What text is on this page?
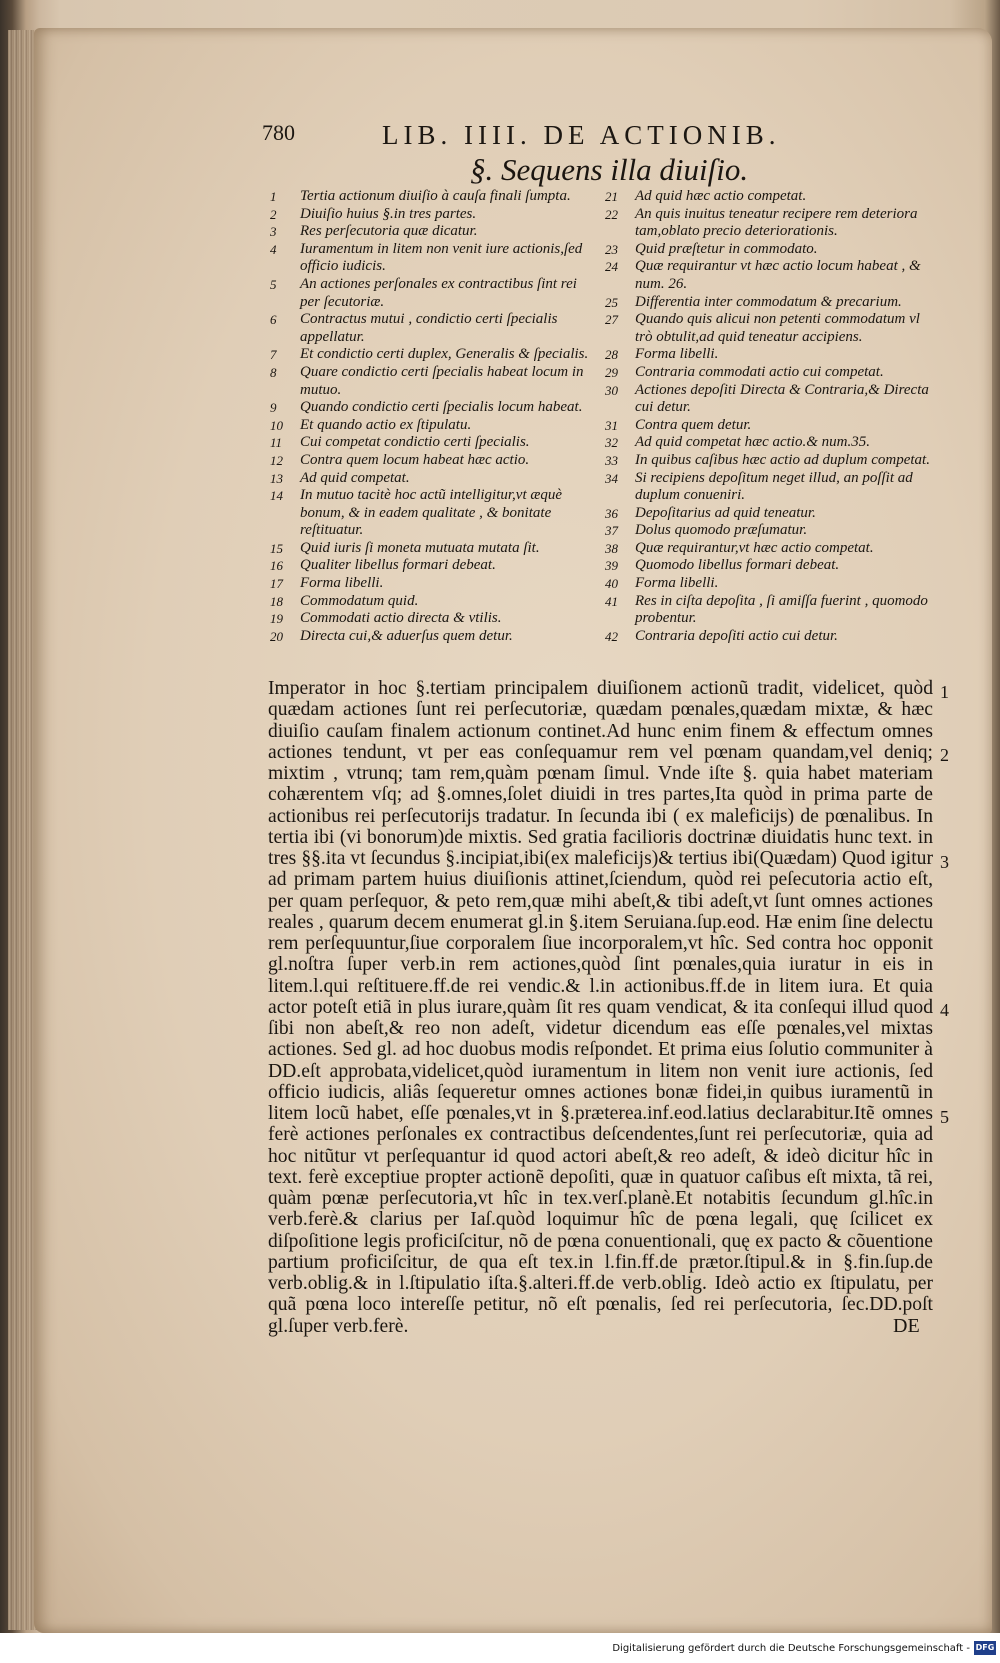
780	LIB. IIII. DE ACTIONIB.
§. Sequens illa diuiſio.
1	Tertia actionum diuiſio à cauſa finali ſumpta.
2	Diuiſio huius §.in tres partes.
3	Res perſecutoria quæ dicatur.
4	Iuramentum in litem non venit iure actionis,ſed officio iudicis.
5	An actiones perſonales ex contractibus ſint rei per ſecutoriæ.
6	Contractus mutui , condictio certi ſpecialis appellatur.
7	Et condictio certi duplex, Generalis & ſpecialis.
8	Quare condictio certi ſpecialis habeat locum in mutuo.
9	Quando condictio certi ſpecialis locum habeat.
10	Et quando actio ex ſtipulatu.
11	Cui competat condictio certi ſpecialis.
12	Contra quem locum habeat hæc actio.
13	Ad quid competat.
14	In mutuo tacitè hoc actũ intelligitur,vt æquè bonum, & in eadem qualitate , & bonitate reſtituatur.
15	Quid iuris ſi moneta mutuata mutata ſit.
16	Qualiter libellus formari debeat.
17	Forma libelli.
18	Commodatum quid.
19	Commodati actio directa & vtilis.
20	Directa cui,& aduerſus quem detur.
21	Ad quid hæc actio competat.
22	An quis inuitus teneatur recipere rem deteriora tam,oblato precio deteriorationis.
23	Quid præſtetur in commodato.
24	Quæ requirantur vt hæc actio locum habeat , & num. 26.
25	Differentia inter commodatum & precarium.
27	Quando quis alicui non petenti commodatum vl trò obtulit,ad quid teneatur accipiens.
28	Forma libelli.
29	Contraria commodati actio cui competat.
30	Actiones depoſiti Directa & Contraria,& Directa cui detur.
31	Contra quem detur.
32	Ad quid competat hæc actio.& num.35.
33	In quibus caſibus hæc actio ad duplum competat.
34	Si recipiens depoſitum neget illud, an poſſit ad duplum conueniri.
36	Depoſitarius ad quid teneatur.
37	Dolus quomodo præſumatur.
38	Quæ requirantur,vt hæc actio competat.
39	Quomodo libellus formari debeat.
40	Forma libelli.
41	Res in ciſta depoſita , ſi amiſſa fuerint , quomodo probentur.
42	Contraria depoſiti actio cui detur.
Imperator in hoc §.tertiam principalem diuiſionem actionũ tradit, videlicet, quòd quædam actiones ſunt rei perſecutoriæ, quædam pœnales,quædam mixtæ, & hæc diuiſio cauſam finalem actionum continet.Ad hunc enim finem & effectum omnes actiones tendunt, vt per eas conſequamur rem vel pœnam quandam,vel deniq; mixtim , vtrunq; tam rem,quàm pœnam ſimul. Vnde iſte §. quia habet materiam cohærentem vſq; ad §.omnes,ſolet diuidi in tres partes,Ita quòd in prima parte de actionibus rei perſecutorijs tradatur. In ſecunda ibi ( ex maleficijs) de pœnalibus. In tertia ibi (vi bonorum)de mixtis. Sed gratia facilioris doctrinæ diuidatis hunc text. in tres §§.ita vt ſecundus §.incipiat,ibi(ex maleficijs)& tertius ibi(Quædam) Quod igitur ad primam partem huius diuiſionis attinet,ſciendum, quòd rei peſecutoria actio eſt, per quam perſequor, & peto rem,quæ mihi abeſt,& tibi adeſt,vt ſunt omnes actiones reales , quarum decem enumerat gl.in §.item Seruiana.ſup.eod. Hæ enim ſine delectu rem perſequuntur,ſiue corporalem ſiue incorporalem,vt hîc. Sed contra hoc opponit gl.noſtra ſuper verb.in rem actiones,quòd ſint pœnales,quia iuratur in eis in litem.l.qui reſtituere.ff.de rei vendic.& l.in actionibus.ff.de in litem iura. Et quia actor poteſt etiã in plus iurare,quàm ſit res quam vendicat, & ita conſequi illud quod ſibi non abeſt,& reo non adeſt, videtur dicendum eas eſſe pœnales,vel mixtas actiones. Sed gl. ad hoc duobus modis reſpondet. Et prima eius ſolutio communiter à DD.eſt approbata,videlicet,quòd iuramentum in litem non venit iure actionis, ſed officio iudicis, aliâs ſequeretur omnes actiones bonæ fidei,in quibus iuramentũ in litem locũ habet, eſſe pœnales,vt in §.præterea.inf.eod.latius declarabitur.Itẽ omnes ferè actiones perſonales ex contractibus deſcendentes,ſunt rei perſecutoriæ, quia ad hoc nitũtur vt perſequantur id quod actori abeſt,& reo adeſt, & ideò dicitur hîc in text. ferè exceptiue propter actionẽ depoſiti, quæ in quatuor caſibus eſt mixta, tã rei, quàm pœnæ perſecutoria,vt hîc in tex.verſ.planè.Et notabitis ſecundum gl.hîc.in verb.ferè.& clarius per Iaſ.quòd loquimur hîc de pœna legali, quę ſcilicet ex diſpoſitione legis proficiſcitur, nõ de pœna conuentionali, quę ex pacto & cõuentione partium proficiſcitur, de qua eſt tex.in l.fin.ff.de prætor.ſtipul.& in §.fin.ſup.de verb.oblig.& in l.ſtipulatio iſta.§.alteri.ff.de verb.oblig. Ideò actio ex ſtipulatu, per quã pœna loco intereſſe petitur, nõ eſt pœnalis, ſed rei perſecutoria, ſec.DD.poſt gl.ſuper verb.ferè.
1
2
3
4
5
DE
Digitalisierung gefördert durch die Deutsche Forschungsgemeinschaft - DFG
